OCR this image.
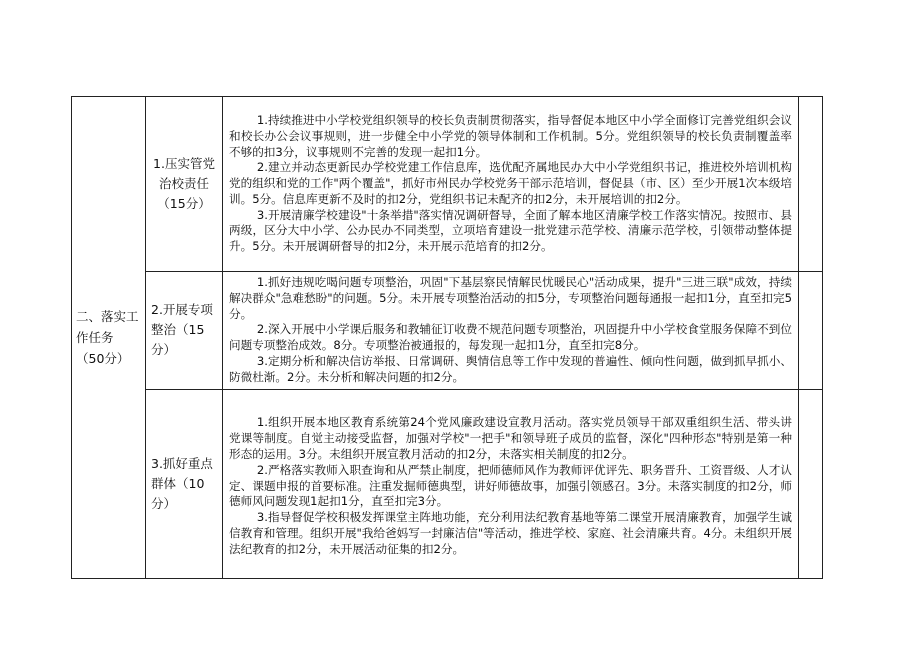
二、落实工作任务（50分）	1.压实管党治校责任（15分）	1.持续推进中小学校党组织领导的校长负责制贯彻落实，指导督促本地区中小学全面修订完善党组织会议和校长办公会议事规则，进一步健全中小学党的领导体制和工作机制。5分。党组织领导的校长负责制覆盖率不够的扣3分，议事规则不完善的发现一起扣1分。

2.建立并动态更新民办学校党建工作信息库，选优配齐属地民办大中小学党组织书记，推进校外培训机构党的组织和党的工作"两个覆盖"，抓好市州民办学校党务干部示范培训，督促县（市、区）至少开展1次本级培训。5分。信息库更新不及时的扣2分，党组织书记未配齐的扣2分，未开展培训的扣2分。

3.开展清廉学校建设"十条举措"落实情况调研督导，全面了解本地区清廉学校工作落实情况。按照市、县两级，区分大中小学、公办民办不同类型，立项培育建设一批党建示范学校、清廉示范学校，引领带动整体提升。5分。未开展调研督导的扣2分，未开展示范培育的扣2分。	

	2.开展专项整治（15分）	1.抓好违规吃喝问题专项整治，巩固"下基层察民情解民忧暖民心"活动成果，提升"三进三联"成效，持续解决群众"急难愁盼"的问题。5分。未开展专项整治活动的扣5分，专项整治问题每通报一起扣1分，直至扣完5分。

2.深入开展中小学课后服务和教辅征订收费不规范问题专项整治，巩固提升中小学校食堂服务保障不到位问题专项整治成效。8分。专项整治被通报的，每发现一起扣1分，直至扣完8分。

3.定期分析和解决信访举报、日常调研、舆情信息等工作中发现的普遍性、倾向性问题，做到抓早抓小、防微杜渐。2分。未分析和解决问题的扣2分。	

	3.抓好重点群体（10分）	1.组织开展本地区教育系统第24个党风廉政建设宣教月活动。落实党员领导干部双重组织生活、带头讲党课等制度。自觉主动接受监督，加强对学校"一把手"和领导班子成员的监督，深化"四种形态"特别是第一种形态的运用。3分。未组织开展宣教月活动的扣2分，未落实相关制度的扣2分。

2.严格落实教师入职查询和从严禁止制度，把师德师风作为教师评优评先、职务晋升、工资晋级、人才认定、课题申报的首要标准。注重发掘师德典型，讲好师德故事，加强引领感召。3分。未落实制度的扣2分，师德师风问题发现1起扣1分，直至扣完3分。

3.指导督促学校积极发挥课堂主阵地功能，充分利用法纪教育基地等第二课堂开展清廉教育，加强学生诚信教育和管理。组织开展"我给爸妈写一封廉洁信"等活动，推进学校、家庭、社会清廉共育。4分。未组织开展法纪教育的扣2分，未开展活动征集的扣2分。	
